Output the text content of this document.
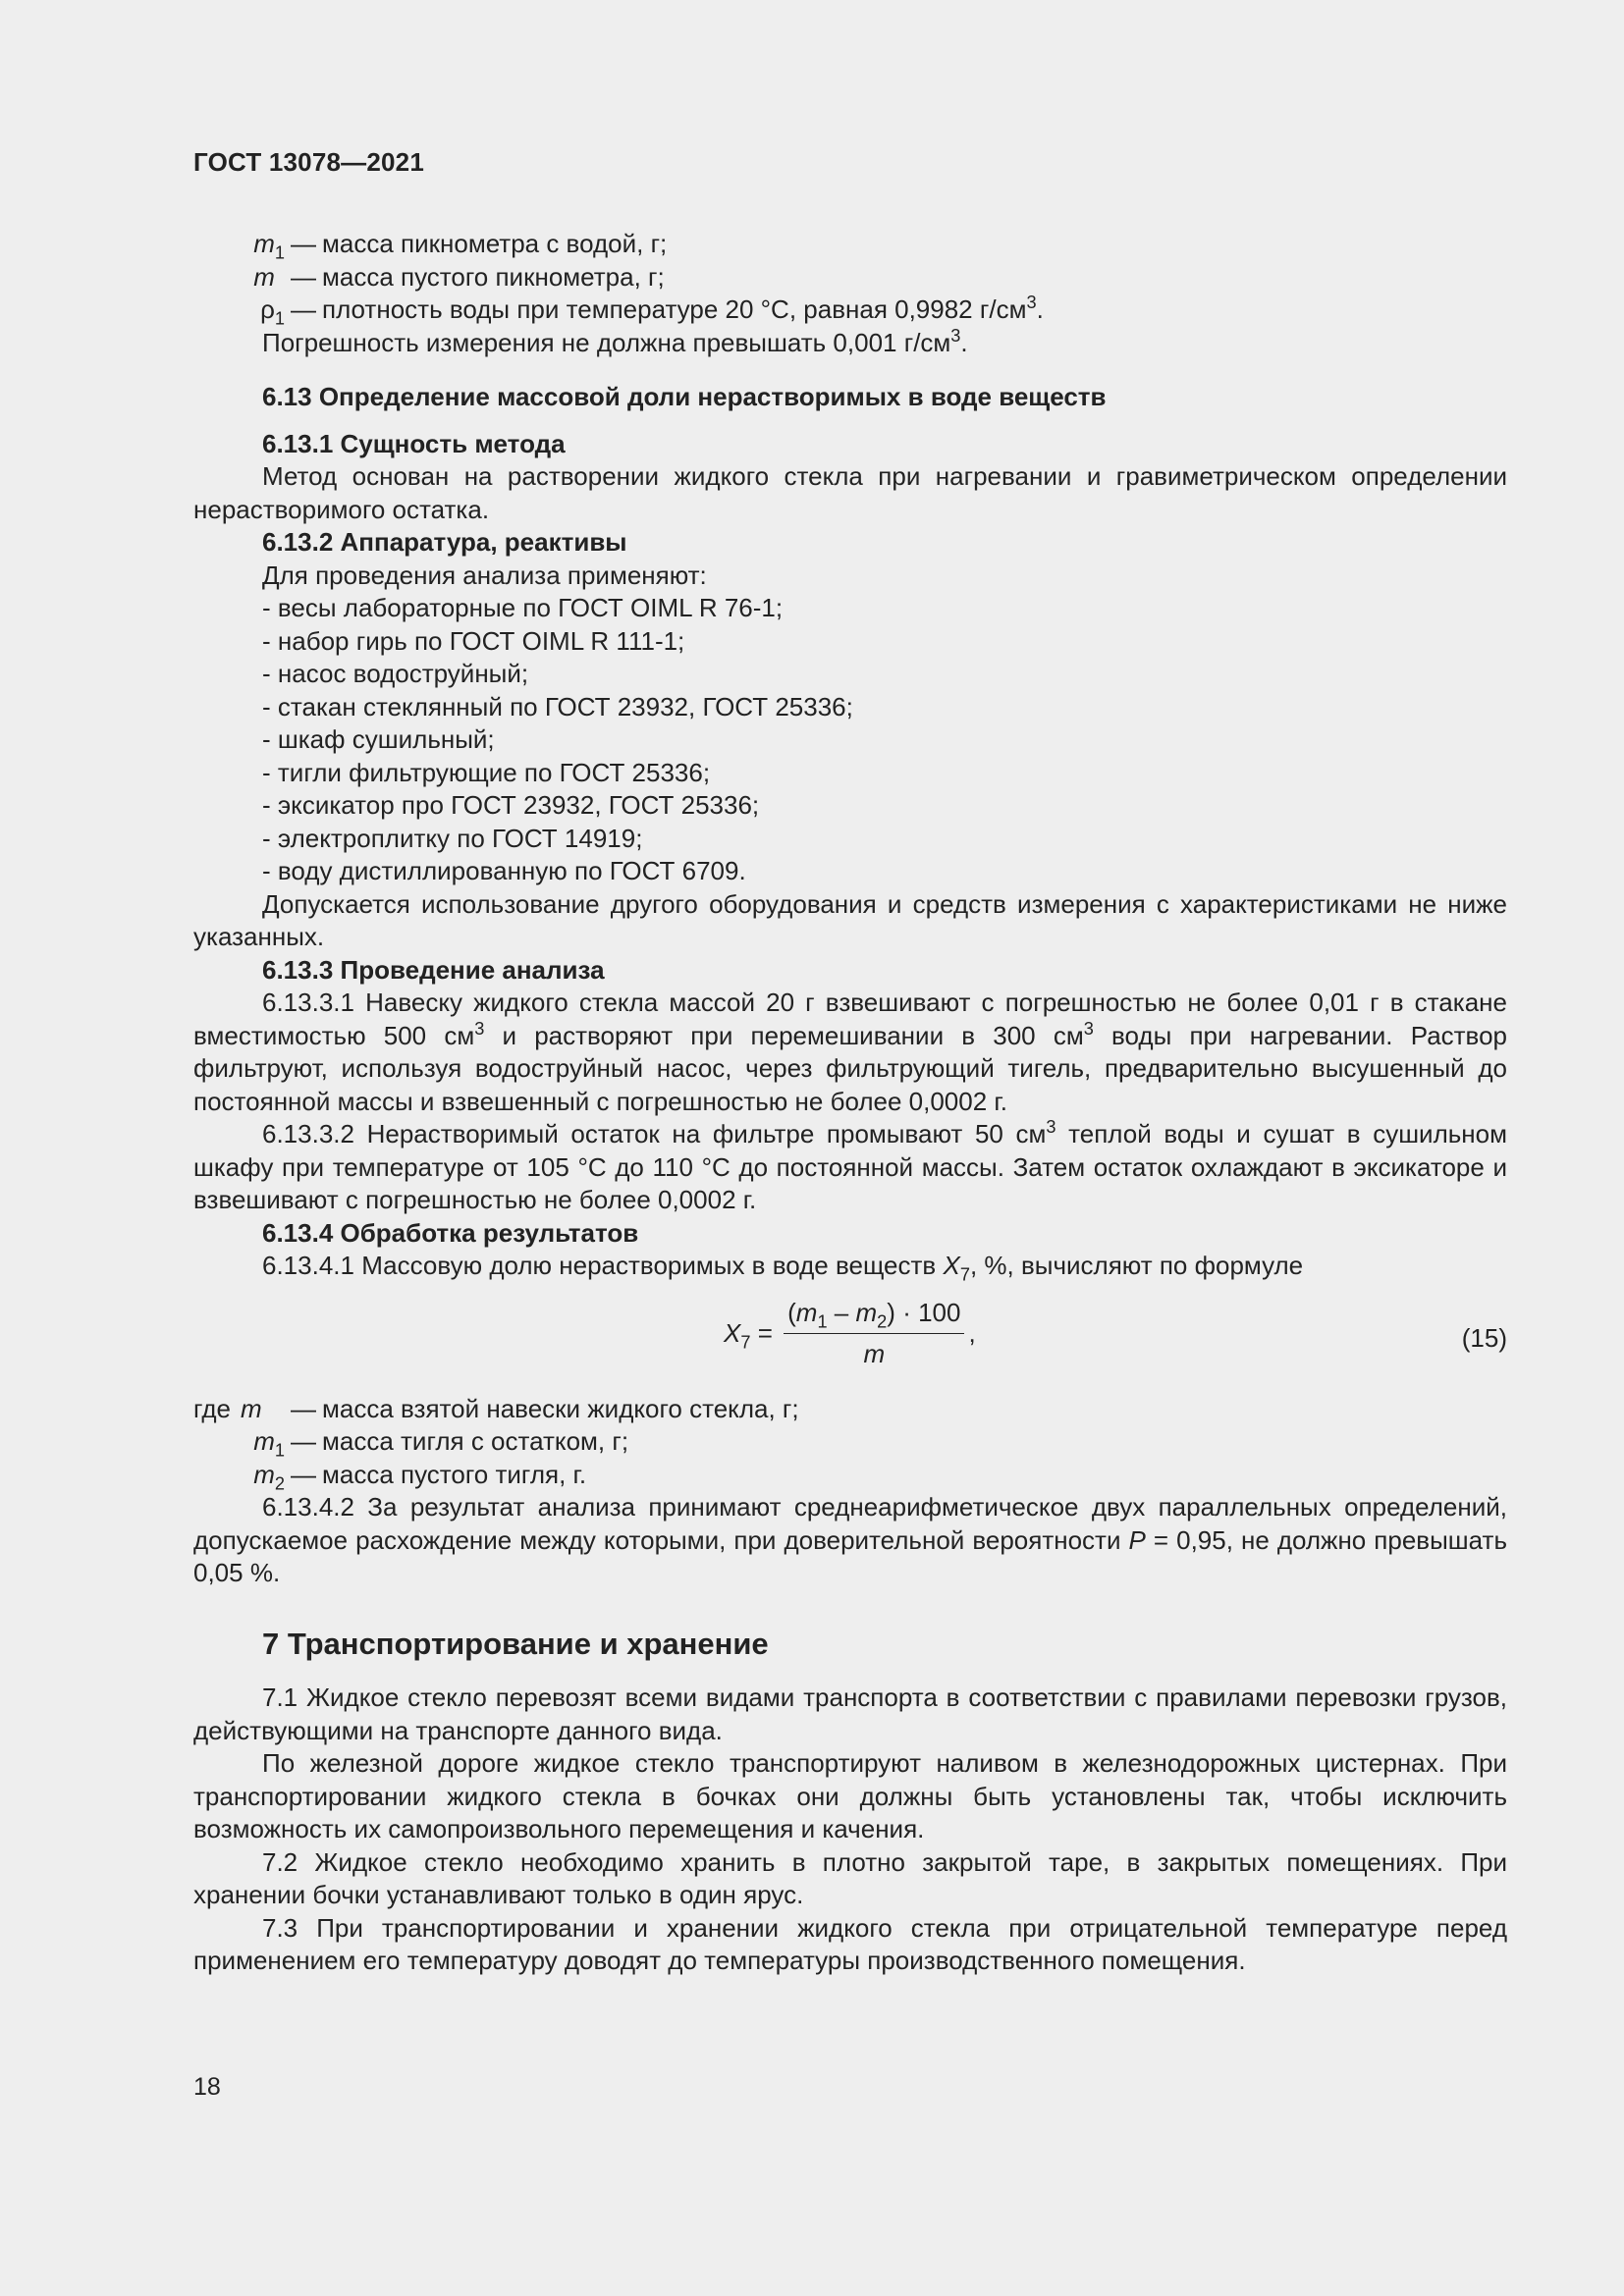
ГОСТ 13078—2021
$m_1$ — масса пикнометра с водой, г;
m — масса пустого пикнометра, г;
$\rho_1$ — плотность воды при температуре 20 °С, равная 0,9982 $г/см^3$.

Погрешность измерения не должна превышать 0,001 $г/см^3$.

6.13 Определение массовой доли нерастворимых в воде веществ

6.13.1 Сущность метода

Метод основан на растворении жидкого стекла при нагревании и гравиметрическом определении нерастворимого остатка.

6.13.2 Аппаратура, реактивы

Для проведения анализа применяют:

- весы лабораторные по ГОСТ OIML R 76-1;

- набор гирь по ГОСТ OIML R 111-1;

- насос водоструйный;

- стакан стеклянный по ГОСТ 23932, ГОСТ 25336;

- шкаф сушильный;

- тигли фильтрующие по ГОСТ 25336;

- эксикатор про ГОСТ 23932, ГОСТ 25336;

- электроплитку по ГОСТ 14919;

- воду дистиллированную по ГОСТ 6709.

Допускается использование другого оборудования и средств измерения с характеристиками не ниже указанных.

6.13.3 Проведение анализа

6.13.3.1 Навеску жидкого стекла массой 20 г взвешивают с погрешностью не более 0,01 г в стакане вместимостью 500 $см^3$ и растворяют при перемешивании в 300 $см^3$ воды при нагревании. Раствор фильтруют, используя водоструйный насос, через фильтрующий тигель, предварительно высушенный до постоянной массы и взвешенный с погрешностью не более 0,0002 г.

6.13.3.2 Нерастворимый остаток на фильтре промывают 50 $см^3$ теплой воды и сушат в сушильном шкафу при температуре от 105 °С до 110 °С до постоянной массы. Затем остаток охлаждают в эксикаторе и взвешивают с погрешностью не более 0,0002 г.

6.13.4 Обработка результатов

6.13.4.1 Массовую долю нерастворимых в воде веществ $X_7$, %, вычисляют по формуле

$X_7 = \frac{(m_1 - m_2) \cdot 100}{m}$ ,	(15)
где m	— масса взятой навески жидкого стекла, г;
$m_1$ — масса тигля с остатком, г;
$m_2$ — масса пустого тигля, г.

6.13.4.2 За результат анализа принимают среднеарифметическое двух параллельных определений, допускаемое расхождение между которыми, при доверительной вероятности P = 0,95, не должно превышать 0,05 %.

7 Транспортирование и хранение

7.1 Жидкое стекло перевозят всеми видами транспорта в соответствии с правилами перевозки грузов, действующими на транспорте данного вида.

По железной дороге жидкое стекло транспортируют наливом в железнодорожных цистернах. При транспортировании жидкого стекла в бочках они должны быть установлены так, чтобы исключить возможность их самопроизвольного перемещения и качения.

7.2 Жидкое стекло необходимо хранить в плотно закрытой таре, в закрытых помещениях. При хранении бочки устанавливают только в один ярус.

7.3 При транспортировании и хранении жидкого стекла при отрицательной температуре перед применением его температуру доводят до температуры производственного помещения.

18
